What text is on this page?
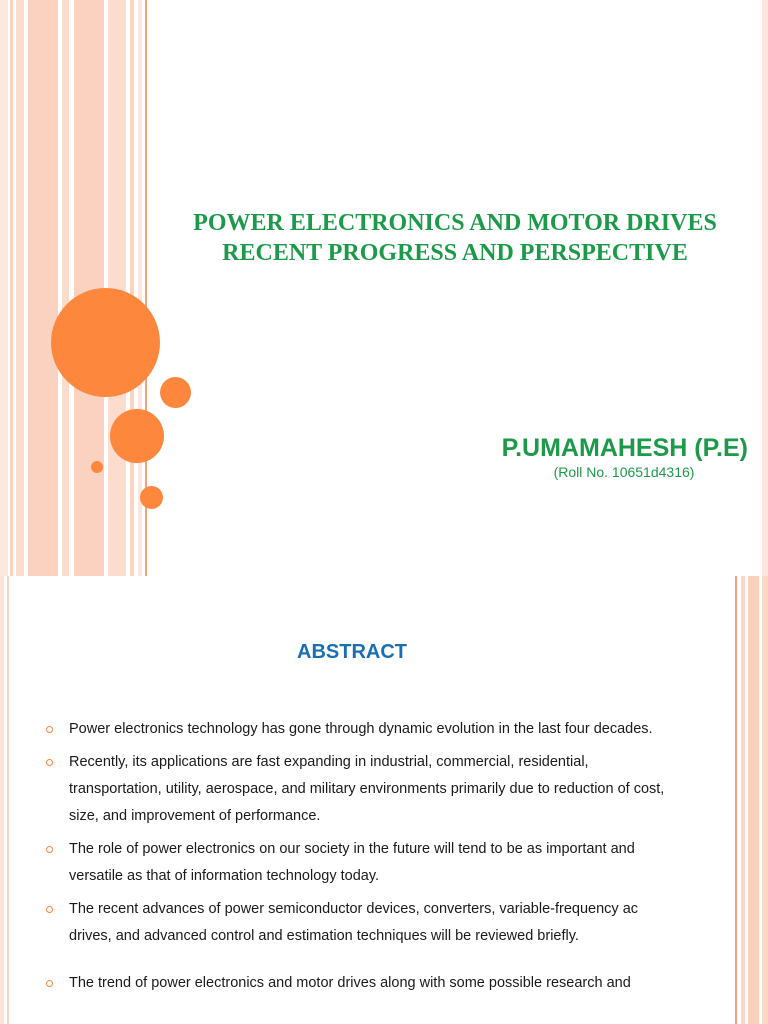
POWER ELECTRONICS AND MOTOR DRIVES
RECENT PROGRESS AND PERSPECTIVE
P.UMAMAHESH (P.E)
(Roll No. 10651d4316)
ABSTRACT
Power electronics technology has gone through dynamic evolution in the last four decades.
Recently, its applications are fast expanding in industrial, commercial, residential, transportation, utility, aerospace, and military environments primarily due to reduction of cost, size, and improvement of performance.
The role of power electronics on our society in the future will tend to be as important and versatile as that of information technology today.
The recent advances of power semiconductor devices, converters, variable-frequency ac drives, and advanced control and estimation techniques will be reviewed briefly.
The trend of power electronics and motor drives along with some possible research and
